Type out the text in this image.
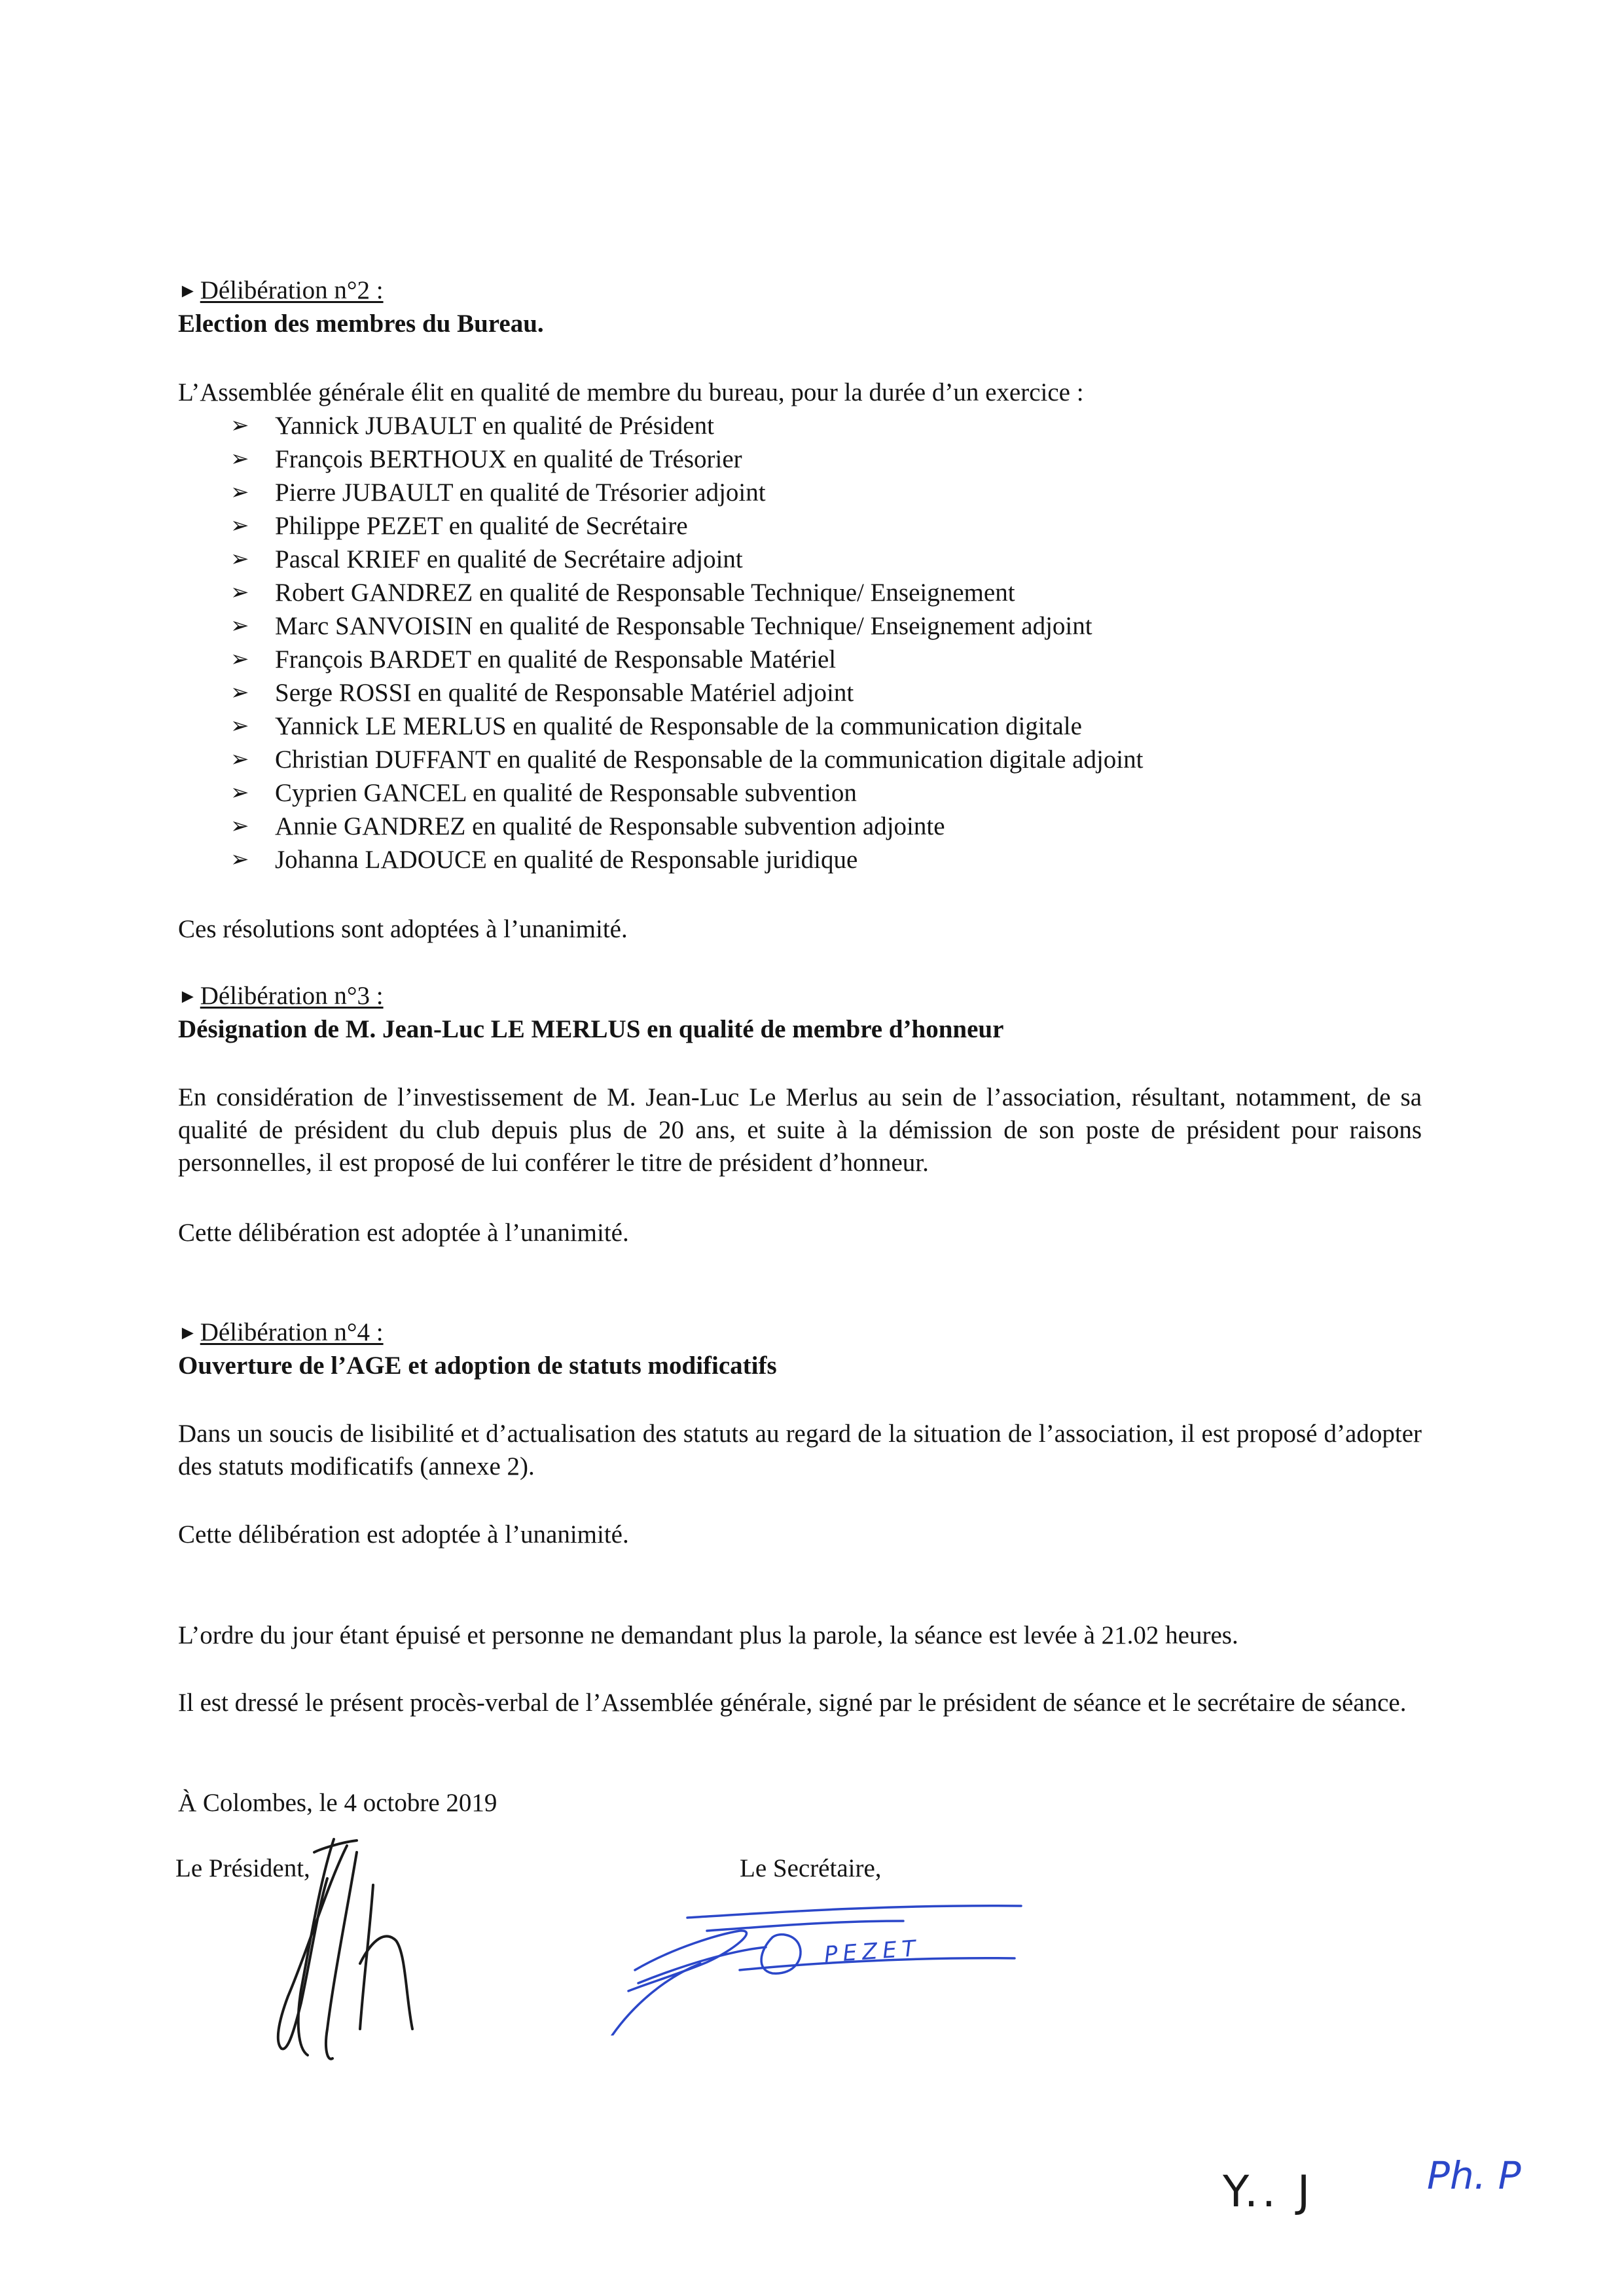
► Délibération n°2 :
Election des membres du Bureau.
L’Assemblée générale élit en qualité de membre du bureau, pour la durée d’un exercice :
➢ Yannick JUBAULT en qualité de Président
➢ François BERTHOUX en qualité de Trésorier
➢ Pierre JUBAULT en qualité de Trésorier adjoint
➢ Philippe PEZET en qualité de Secrétaire
➢ Pascal KRIEF en qualité de Secrétaire adjoint
➢ Robert GANDREZ en qualité de Responsable Technique/ Enseignement
➢ Marc SANVOISIN en qualité de Responsable Technique/ Enseignement adjoint
➢ François BARDET en qualité de Responsable Matériel
➢ Serge ROSSI en qualité de Responsable Matériel adjoint
➢ Yannick LE MERLUS en qualité de Responsable de la communication digitale
➢ Christian DUFFANT en qualité de Responsable de la communication digitale adjoint
➢ Cyprien GANCEL en qualité de Responsable subvention
➢ Annie GANDREZ en qualité de Responsable subvention adjointe
➢ Johanna LADOUCE en qualité de Responsable juridique
Ces résolutions sont adoptées à l’unanimité.
► Délibération n°3 :
Désignation de M. Jean-Luc LE MERLUS en qualité de membre d’honneur
En considération de l’investissement de M. Jean-Luc Le Merlus au sein de l’association, résultant, notamment, de sa qualité de président du club depuis plus de 20 ans, et suite à la démission de son poste de président pour raisons personnelles, il est proposé de lui conférer le titre de président d’honneur.
Cette délibération est adoptée à l’unanimité.
► Délibération n°4 :
Ouverture de l’AGE et adoption de statuts modificatifs
Dans un soucis de lisibilité et d’actualisation des statuts au regard de la situation de l’association, il est proposé d’adopter des statuts modificatifs (annexe 2).
Cette délibération est adoptée à l’unanimité.
L’ordre du jour étant épuisé et personne ne demandant plus la parole, la séance est levée à 21.02 heures.
Il est dressé le présent procès-verbal de l’Assemblée générale, signé par le président de séance et le secrétaire de séance.
À Colombes, le 4 octobre 2019
Le Président,	Le Secrétaire,
PEZET
Y.. J	Ph. P
